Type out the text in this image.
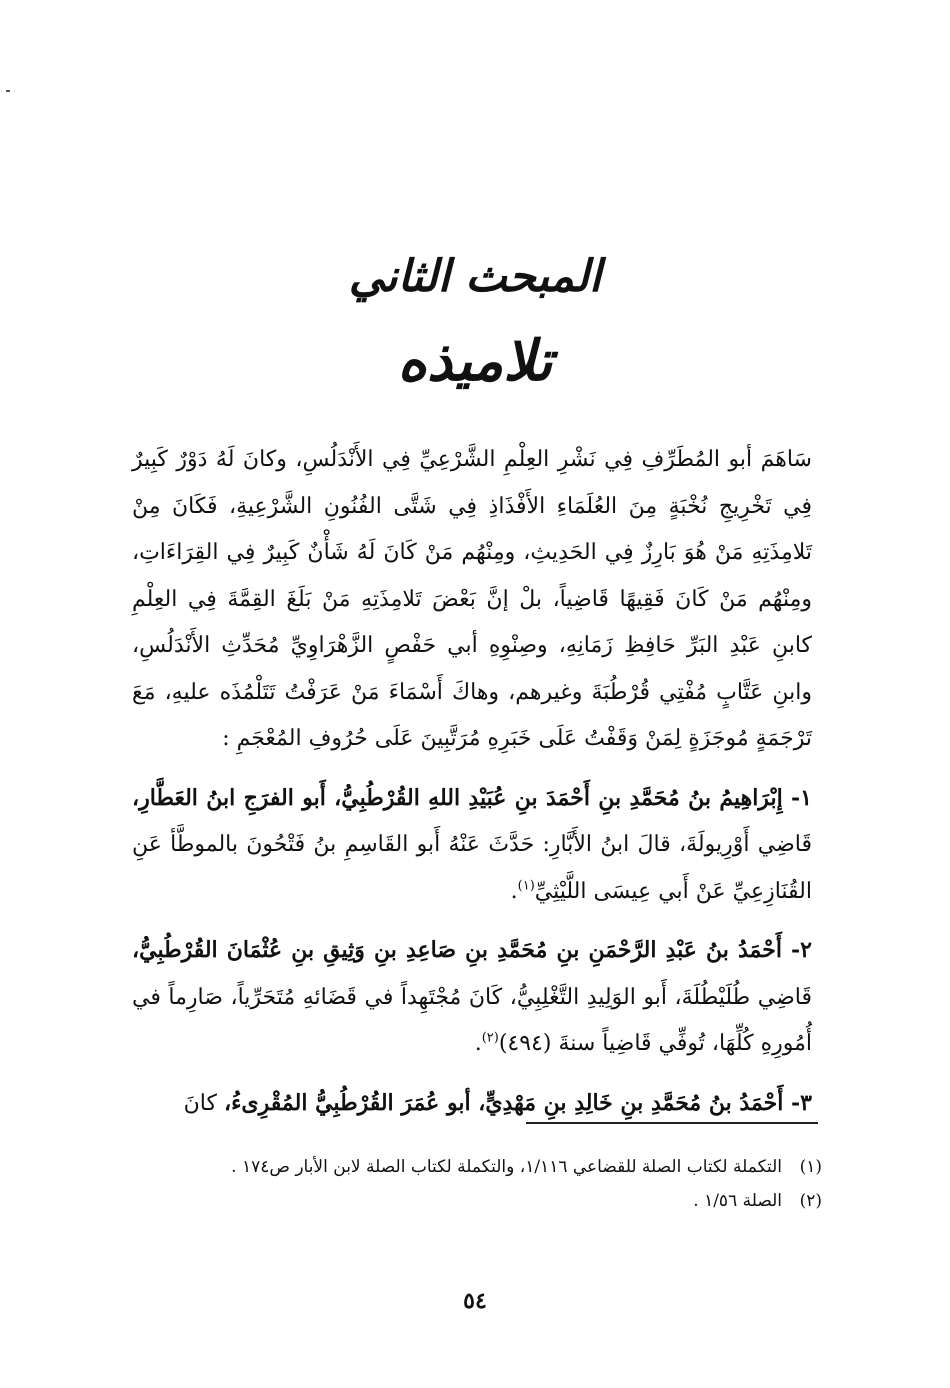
المبحث الثاني
تلاميذه

سَاهَمَ أبو المُطَرِّفِ فِي نَشْرِ العِلْمِ الشَّرْعِيِّ فِي الأَنْدَلُسِ، وكانَ لَهُ دَوْرٌ كَبِيرٌ فِي تَخْرِيجِ نُخْبَةٍ مِنَ العُلَمَاءِ الأَفْذَاذِ فِي شَتَّى الفُنُونِ الشَّرْعِيةِ، فَكَانَ مِنْ تَلامِذَتِهِ مَنْ هُوَ بَارِزٌ فِي الحَدِيثِ، ومِنْهُم مَنْ كَانَ لَهُ شَأْنٌ كَبِيرٌ فِي القِرَاءَاتِ، ومِنْهُم مَنْ كَانَ فَقِيهًا قَاضِياً، بلْ إنَّ بَعْضَ تَلامِذَتِهِ مَنْ بَلَغَ القِمَّةَ فِي العِلْمِ كابنِ عَبْدِ البَرِّ حَافِظِ زَمَانِهِ، وصِنْوِهِ أبي حَفْصٍ الزَّهْرَاوِيِّ مُحَدِّثِ الأَنْدَلُسِ، وابنِ عَتَّابٍ مُفْتِي قُرْطُبَةَ وغيرهم، وهاكَ أَسْمَاءَ مَنْ عَرَفْتُ تَتَلْمُذَه عليهِ، مَعَ تَرْجَمَةٍ مُوجَزَةٍ لِمَنْ وَقَفْتُ عَلَى خَبَرِهِ مُرَتَّبِينَ عَلَى حُرُوفِ المُعْجَمِ :

١- إِبْرَاهِيمُ بنُ مُحَمَّدِ بنِ أَحْمَدَ بنِ عُبَيْدِ اللهِ القُرْطُبِيُّ، أَبو الفرَجِ ابنُ العَطَّارِ، قَاضِي أَوْرِيولَةَ، قالَ ابنُ الأَبَّارِ: حَدَّثَ عَنْهُ أَبو القَاسِمِ بنُ فَتْحُونَ بالموطَّأ عَنِ القُنَازِعِيِّ عَنْ أَبي عِيسَى اللَّيْثِيِّ$^{(١)}$.

٢- أَحْمَدُ بنُ عَبْدِ الرَّحْمَنِ بنِ مُحَمَّدِ بنِ صَاعِدِ بنِ وَثِيقِ بنِ عُثْمَانَ القُرْطُبِيُّ، قَاضِي طُلَيْطُلَةَ، أَبو الوَلِيدِ التَّغْلِبِيُّ، كَانَ مُجْتَهِداً في قَضَائهِ مُتَحَرِّياً، صَارِماً في أُمُورِهِ كُلِّهَا، تُوفِّي قَاضِياً سنةَ (٤٩٤)$^{(٢)}$.

٣- أَحْمَدُ بنُ مُحَمَّدِ بنِ خَالِدِ بنِ مَهْدِيٍّ، أبو عُمَرَ القُرْطُبِيُّ المُقْرِىءُ، كانَ

(١)التكملة لكتاب الصلة للقضاعي ١/١١٦، والتكملة لكتاب الصلة لابن الأبار ص١٧٤ .

(٢)الصلة ١/٥٦ .

٥٤
